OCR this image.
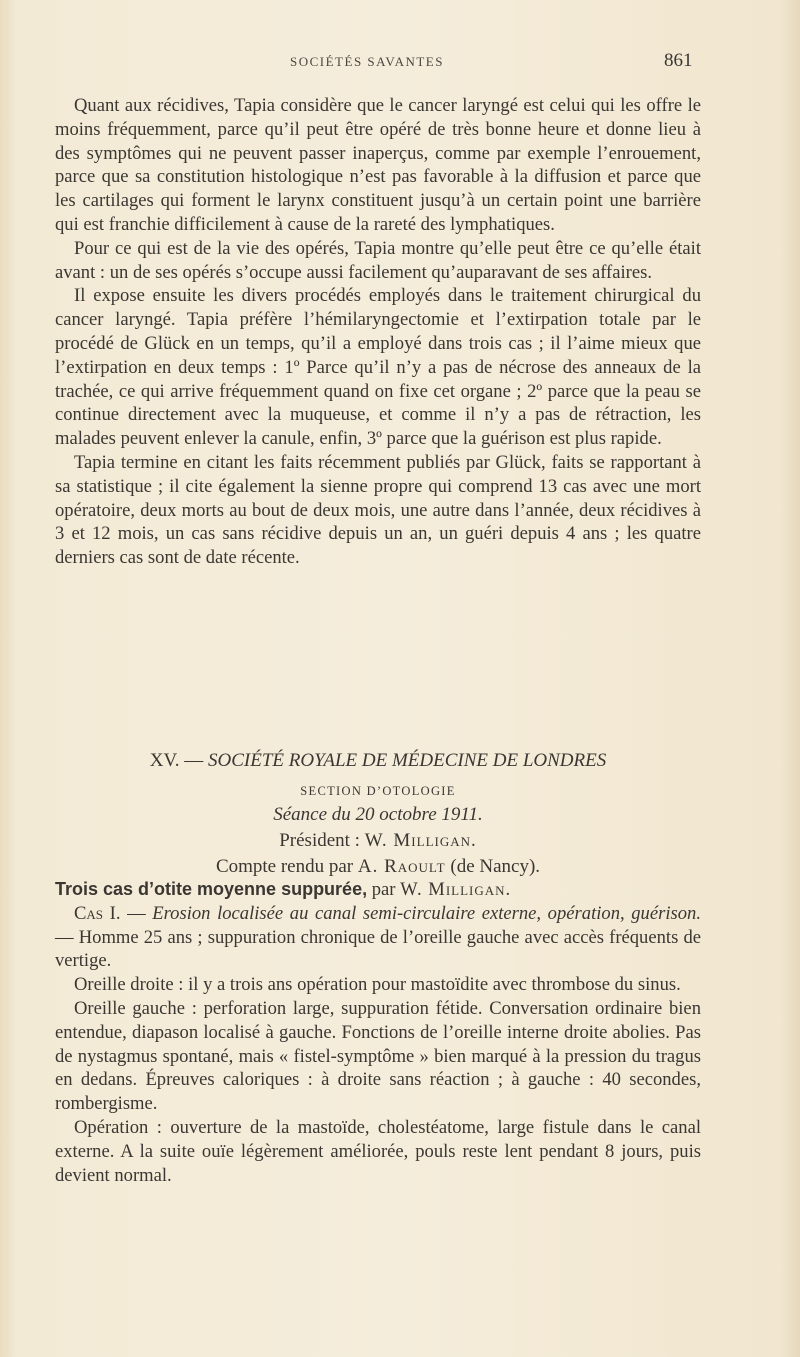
SOCIÉTÉS SAVANTES	861

Quant aux récidives, Tapia considère que le cancer laryngé est celui qui les offre le moins fréquemment, parce qu’il peut être opéré de très bonne heure et donne lieu à des symptômes qui ne peuvent passer inaperçus, comme par exemple l’enrouement, parce que sa constitution histologique n’est pas favorable à la diffusion et parce que les cartilages qui forment le larynx constituent jusqu’à un certain point une barrière qui est franchie difficilement à cause de la rareté des lymphatiques.

Pour ce qui est de la vie des opérés, Tapia montre qu’elle peut être ce qu’elle était avant : un de ses opérés s’occupe aussi facilement qu’auparavant de ses affaires.

Il expose ensuite les divers procédés employés dans le traitement chirurgical du cancer laryngé. Tapia préfère l’hémilaryngectomie et l’extirpation totale par le procédé de Glück en un temps, qu’il a employé dans trois cas ; il l’aime mieux que l’extirpation en deux temps : 1º Parce qu’il n’y a pas de nécrose des anneaux de la trachée, ce qui arrive fréquemment quand on fixe cet organe ; 2º parce que la peau se continue directement avec la muqueuse, et comme il n’y a pas de rétraction, les malades peuvent enlever la canule, enfin, 3º parce que la guérison est plus rapide.

Tapia termine en citant les faits récemment publiés par Glück, faits se rapportant à sa statistique ; il cite également la sienne propre qui comprend 13 cas avec une mort opératoire, deux morts au bout de deux mois, une autre dans l’année, deux récidives à 3 et 12 mois, un cas sans récidive depuis un an, un guéri depuis 4 ans ; les quatre derniers cas sont de date récente.

XV. — SOCIÉTÉ ROYALE DE MÉDECINE DE LONDRES
SECTION D’OTOLOGIE
Séance du 20 octobre 1911.
Président : W. Milligan.
Compte rendu par A. Raoult (de Nancy).

Trois cas d’otite moyenne suppurée, par W. Milligan.

Cas I. — Erosion localisée au canal semi-circulaire externe, opération, guérison. — Homme 25 ans ; suppuration chronique de l’oreille gauche avec accès fréquents de vertige.

Oreille droite : il y a trois ans opération pour mastoïdite avec thrombose du sinus.

Oreille gauche : perforation large, suppuration fétide. Conversation ordinaire bien entendue, diapason localisé à gauche. Fonctions de l’oreille interne droite abolies. Pas de nystagmus spontané, mais « fistel-symptôme » bien marqué à la pression du tragus en dedans. Épreuves caloriques : à droite sans réaction ; à gauche : 40 secondes, rombergisme.

Opération : ouverture de la mastoïde, cholestéatome, large fistule dans le canal externe. A la suite ouïe légèrement améliorée, pouls reste lent pendant 8 jours, puis devient normal.
